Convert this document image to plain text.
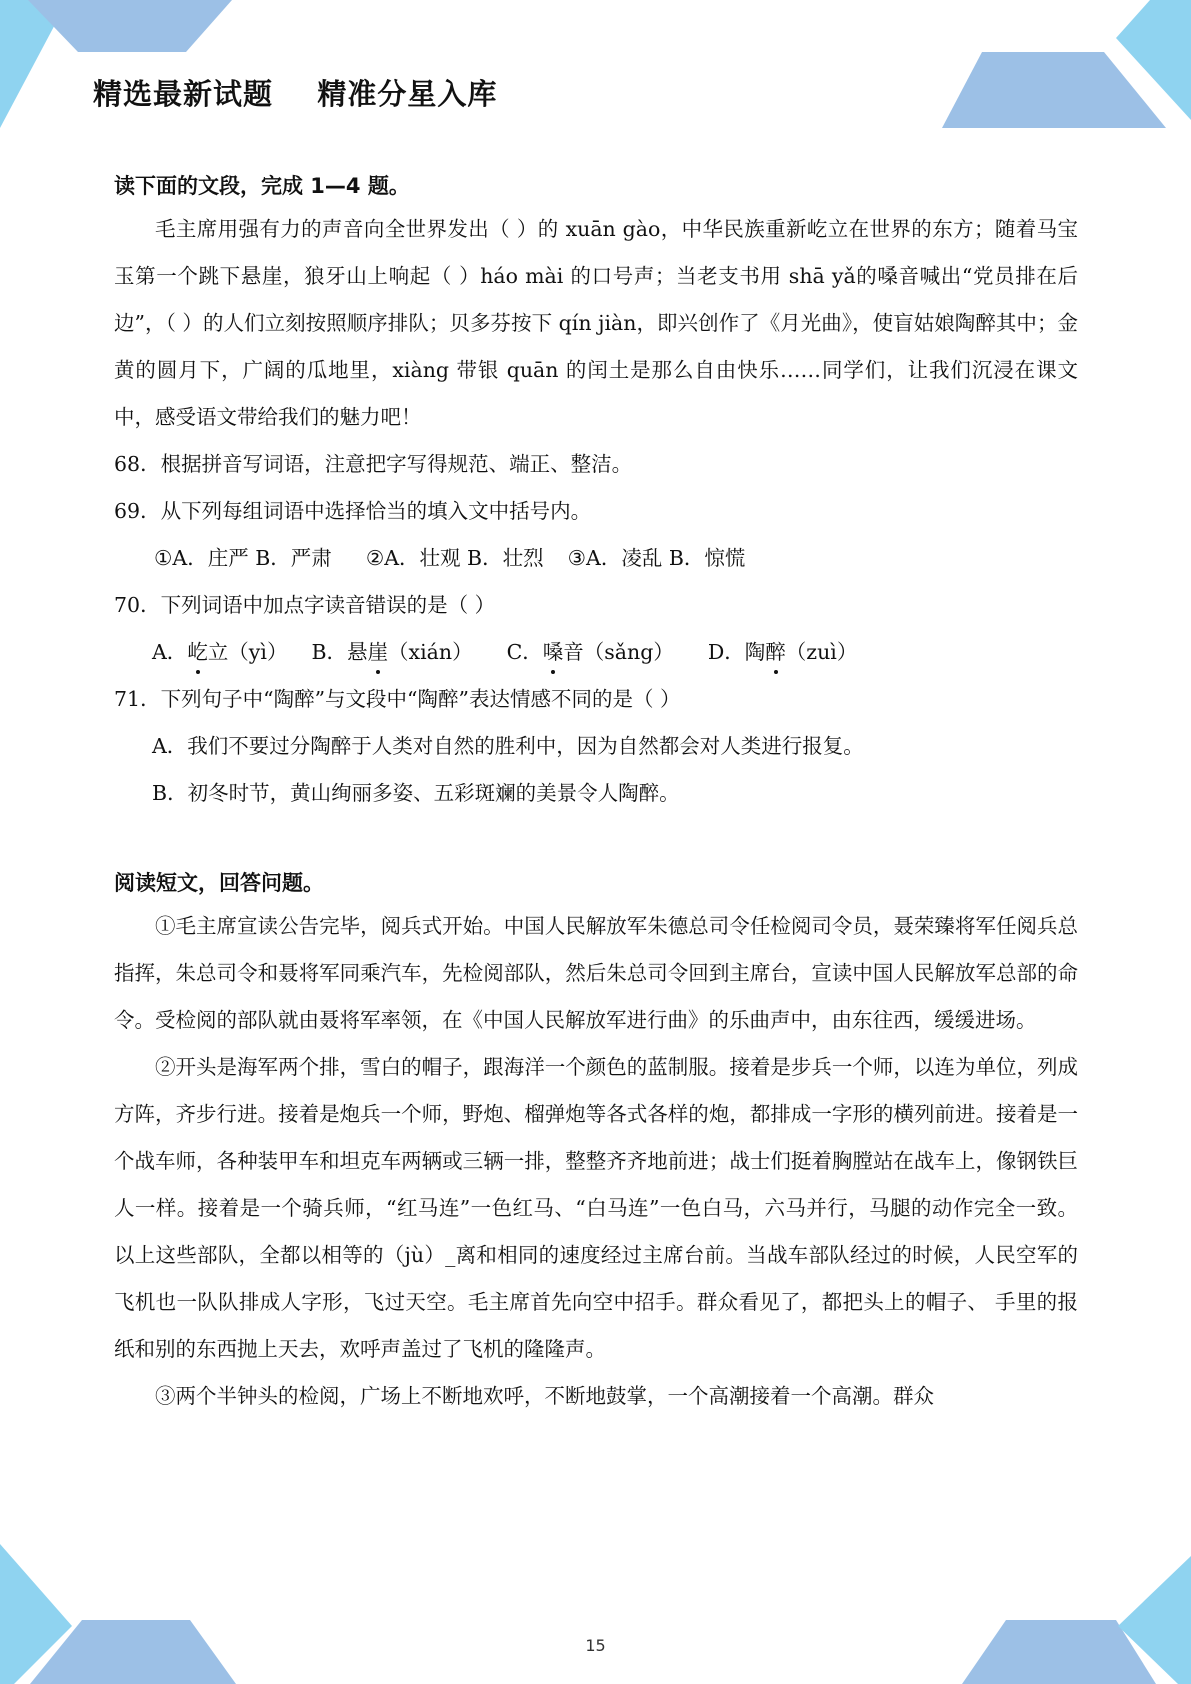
精选最新试题    精准分星入库

读下面的文段，完成 1—4 题。

毛主席用强有力的声音向全世界发出（ ）的 xuān gào，中华民族重新屹立在世界的东方；随着马宝玉第一个跳下悬崖，狼牙山上响起（ ）háo mài 的口号声；当老支书用 shā yǎ的嗓音喊出“党员排在后边”，（ ）的人们立刻按照顺序排队；贝多芬按下 qín jiàn，即兴创作了《月光曲》，使盲姑娘陶醉其中；金黄的圆月下，广阔的瓜地里，xiàng 带银 quān 的闰土是那么自由快乐……同学们，让我们沉浸在课文中，感受语文带给我们的魅力吧！

68．根据拼音写词语，注意把字写得规范、端正、整洁。

69．从下列每组词语中选择恰当的填入文中括号内。

①A．庄严 B．严肃 ②A．壮观 B．壮烈 ③A．凌乱 B．惊慌

70．下列词语中加点字读音错误的是（ ）

A．屹立（yì） B．悬崖（xián） C．嗓音（sǎng） D．陶醉（zuì）

71．下列句子中“陶醉”与文段中“陶醉”表达情感不同的是（ ）

A．我们不要过分陶醉于人类对自然的胜利中，因为自然都会对人类进行报复。

B．初冬时节，黄山绚丽多姿、五彩斑斓的美景令人陶醉。

阅读短文，回答问题。

①毛主席宣读公告完毕，阅兵式开始。中国人民解放军朱德总司令任检阅司令员，聂荣臻将军任阅兵总指挥，朱总司令和聂将军同乘汽车，先检阅部队，然后朱总司令回到主席台，宣读中国人民解放军总部的命令。受检阅的部队就由聂将军率领，在《中国人民解放军进行曲》的乐曲声中，由东往西，缓缓进场。

②开头是海军两个排，雪白的帽子，跟海洋一个颜色的蓝制服。接着是步兵一个师，以连为单位，列成方阵，齐步行进。接着是炮兵一个师，野炮、榴弹炮等各式各样的炮，都排成一字形的横列前进。接着是一个战车师，各种装甲车和坦克车两辆或三辆一排，整整齐齐地前进；战士们挺着胸膛站在战车上，像钢铁巨人一样。接着是一个骑兵师，“红马连”一色红马、“白马连”一色白马，六马并行，马腿的动作完全一致。以上这些部队，全都以相等的（jù）_离和相同的速度经过主席台前。当战车部队经过的时候，人民空军的飞机也一队队排成人字形，飞过天空。毛主席首先向空中招手。群众看见了，都把头上的帽子、 手里的报纸和别的东西抛上天去，欢呼声盖过了飞机的隆隆声。

③两个半钟头的检阅，广场上不断地欢呼，不断地鼓掌，一个高潮接着一个高潮。群众

15
